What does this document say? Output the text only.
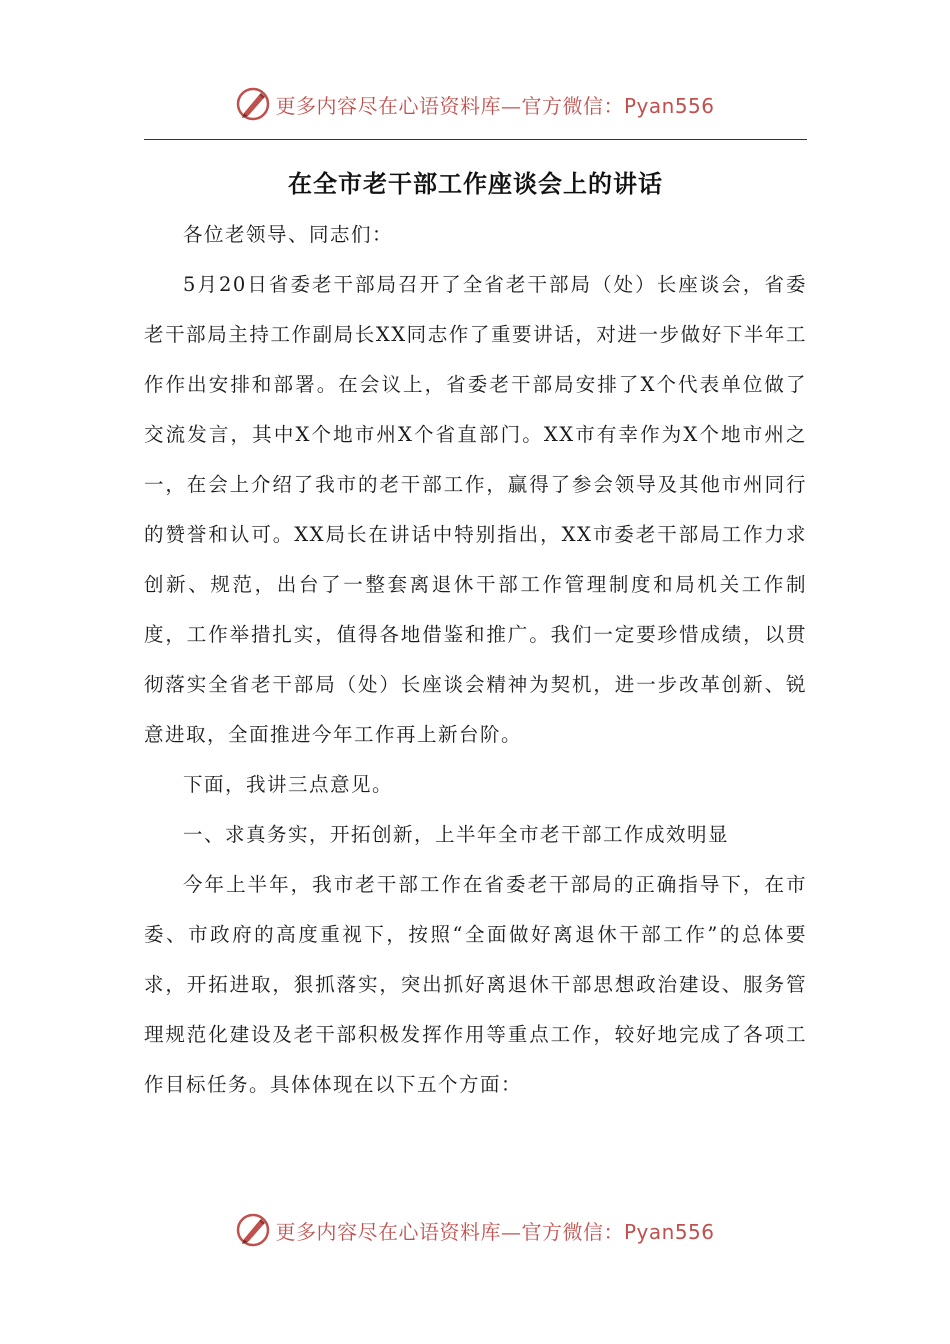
更多内容尽在心语资料库—官方微信：Pyan556
在全市老干部工作座谈会上的讲话

各位老领导、同志们：

5月20日省委老干部局召开了全省老干部局（处）长座谈会，省委老干部局主持工作副局长XX同志作了重要讲话，对进一步做好下半年工作作出安排和部署。在会议上，省委老干部局安排了X个代表单位做了交流发言，其中X个地市州X个省直部门。XX市有幸作为X个地市州之一，在会上介绍了我市的老干部工作，赢得了参会领导及其他市州同行的赞誉和认可。XX局长在讲话中特别指出，XX市委老干部局工作力求创新、规范，出台了一整套离退休干部工作管理制度和局机关工作制度，工作举措扎实，值得各地借鉴和推广。我们一定要珍惜成绩，以贯彻落实全省老干部局（处）长座谈会精神为契机，进一步改革创新、锐意进取，全面推进今年工作再上新台阶。

下面，我讲三点意见。

一、求真务实，开拓创新，上半年全市老干部工作成效明显

今年上半年，我市老干部工作在省委老干部局的正确指导下，在市委、市政府的高度重视下，按照“全面做好离退休干部工作”的总体要求，开拓进取，狠抓落实，突出抓好离退休干部思想政治建设、服务管理规范化建设及老干部积极发挥作用等重点工作，较好地完成了各项工作目标任务。具体体现在以下五个方面：

更多内容尽在心语资料库—官方微信：Pyan556
